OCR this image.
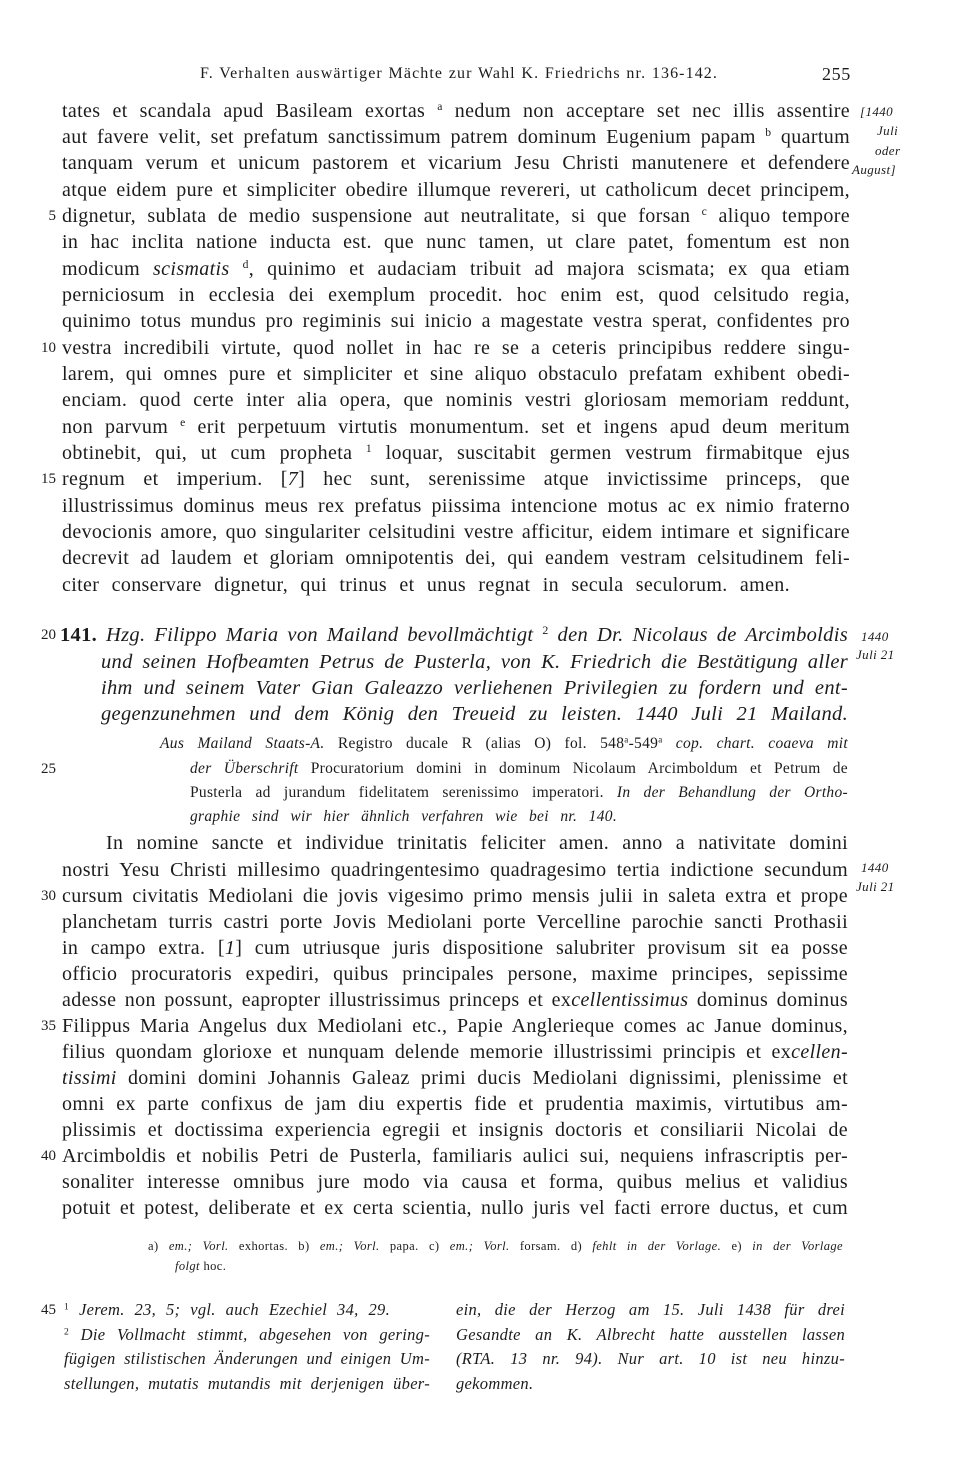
F. Verhalten auswärtiger Mächte zur Wahl K. Friedrichs nr. 136-142.	255
tates et scandala apud Basileam exortas $^a$ nedum non acceptare set nec illis assentire
aut favere velit, set prefatum sanctissimum patrem dominum Eugenium papam $^b$ quartum
tanquam verum et unicum pastorem et vicarium Jesu Christi manutenere et defendere
atque eidem pure et simpliciter obedire illumque revereri, ut catholicum decet principem,
dignetur, sublata de medio suspensione aut neutralitate, si que forsan $^c$ aliquo tempore
5
in hac inclita natione inducta est. que nunc tamen, ut clare patet, fomentum est non
modicum scismatis $^d$, quinimo et audaciam tribuit ad majora scismata; ex qua etiam
perniciosum in ecclesia dei exemplum procedit. hoc enim est, quod celsitudo regia,
quinimo totus mundus pro regiminis sui inicio a magestate vestra sperat, confidentes pro
vestra incredibili virtute, quod nollet in hac re se a ceteris principibus reddere singu-
10
larem, qui omnes pure et simpliciter et sine aliquo obstaculo prefatam exhibent obedi-
enciam. quod certe inter alia opera, que nominis vestri gloriosam memoriam reddunt,
non parvum $^e$ erit perpetuum virtutis monumentum. set et ingens apud deum meritum
obtinebit, qui, ut cum propheta $^1$ loquar, suscitabit germen vestrum firmabitque ejus
regnum et imperium. [7] hec sunt, serenissime atque invictissime princeps, que
15
illustrissimus dominus meus rex prefatus piissima intencione motus ac ex nimio fraterno
devocionis amore, quo singulariter celsitudini vestre afficitur, eidem intimare et significare
decrevit ad laudem et gloriam omnipotentis dei, qui eandem vestram celsitudinem feli-
citer conservare dignetur, qui trinus et unus regnat in secula seculorum. amen.
[1440
Juli
oder
August]
141. Hzg. Filippo Maria von Mailand bevollmächtigt $^2$ den Dr. Nicolaus de Arcimboldis
20
und seinen Hofbeamten Petrus de Pusterla, von K. Friedrich die Bestätigung aller
ihm und seinem Vater Gian Galeazzo verliehenen Privilegien zu fordern und ent-
gegenzunehmen und dem König den Treueid zu leisten. 1440 Juli 21 Mailand.
1440
Juli 21
Aus Mailand Staats-A. Registro ducale R (alias O) fol. 548$^a$-549$^a$ cop. chart. coaeva mit
der Überschrift Procuratorium domini in dominum Nicolaum Arcimboldum et Petrum de
25
Pusterla ad jurandum fidelitatem serenissimo imperatori. In der Behandlung der Ortho-
graphie sind wir hier ähnlich verfahren wie bei nr. 140.
In nomine sancte et individue trinitatis feliciter amen. anno a nativitate domini
nostri Yesu Christi millesimo quadringentesimo quadragesimo tertia indictione secundum
cursum civitatis Mediolani die jovis vigesimo primo mensis julii in saleta extra et prope
30
planchetam turris castri porte Jovis Mediolani porte Vercelline parochie sancti Prothasii
in campo extra. [1] cum utriusque juris dispositione salubriter provisum sit ea posse
officio procuratoris expediri, quibus principales persone, maxime principes, sepissime
adesse non possunt, eapropter illustrissimus princeps et excellentissimus dominus dominus
Filippus Maria Angelus dux Mediolani etc., Papie Anglerieque comes ac Janue dominus,
35
filius quondam glorioxe et nunquam delende memorie illustrissimi principis et excellen-
tissimi domini domini Johannis Galeaz primi ducis Mediolani dignissimi, plenissime et
omni ex parte confixus de jam diu expertis fide et prudentia maximis, virtutibus am-
plissimis et doctissima experiencia egregii et insignis doctoris et consiliarii Nicolai de
Arcimboldis et nobilis Petri de Pusterla, familiaris aulici sui, nequiens infrascriptis per-
40
sonaliter interesse omnibus jure modo via causa et forma, quibus melius et validius
potuit et potest, deliberate et ex certa scientia, nullo juris vel facti errore ductus, et cum
1440
Juli 21
a) em.; Vorl. exhortas. b) em.; Vorl. papa. c) em.; Vorl. forsam. d) fehlt in der Vorlage. e) in der Vorlage
folgt hoc.
$^1$ Jerem. 23, 5; vgl. auch Ezechiel 34, 29.
45
$^2$ Die Vollmacht stimmt, abgesehen von gering-
fügigen stilistischen Änderungen und einigen Um-
stellungen, mutatis mutandis mit derjenigen über-
ein, die der Herzog am 15. Juli 1438 für drei
Gesandte an K. Albrecht hatte ausstellen lassen
(RTA. 13 nr. 94). Nur art. 10 ist neu hinzu-
gekommen.
